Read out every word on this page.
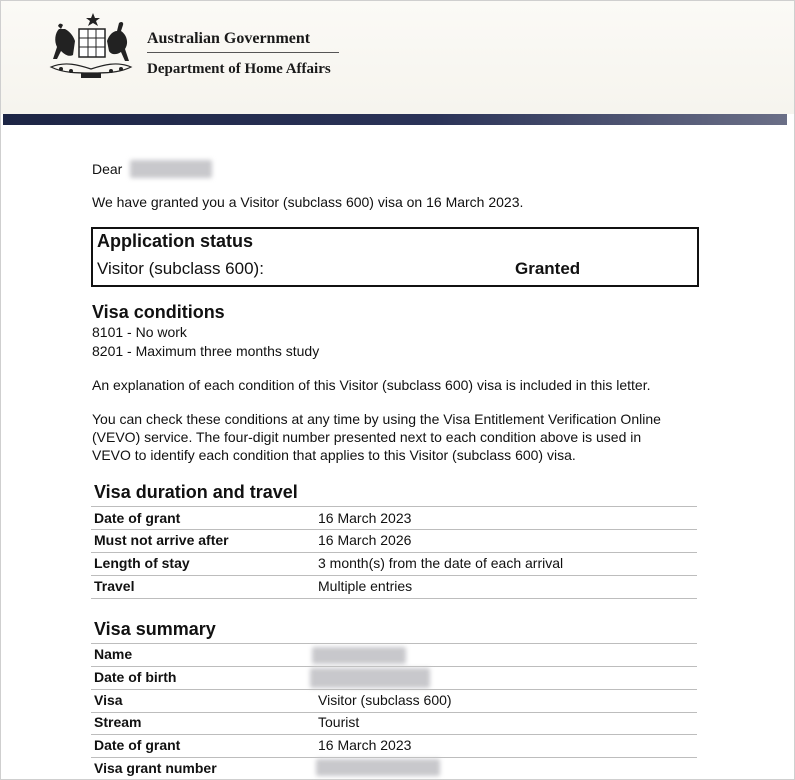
Australian Government
Department of Home Affairs
Dear
We have granted you a Visitor (subclass 600) visa on 16 March 2023.
Application status
Visitor (subclass 600):	Granted
Visa conditions
8101 - No work
8201 - Maximum three months study
An explanation of each condition of this Visitor (subclass 600) visa is included in this letter.
You can check these conditions at any time by using the Visa Entitlement Verification Online
(VEVO) service. The four-digit number presented next to each condition above is used in
VEVO to identify each condition that applies to this Visitor (subclass 600) visa.
Visa duration and travel
Date of grant	16 March 2023
Must not arrive after	16 March 2026
Length of stay	3 month(s) from the date of each arrival
Travel	Multiple entries
Visa summary
Name
Date of birth
Visa	Visitor (subclass 600)
Stream	Tourist
Date of grant	16 March 2023
Visa grant number
